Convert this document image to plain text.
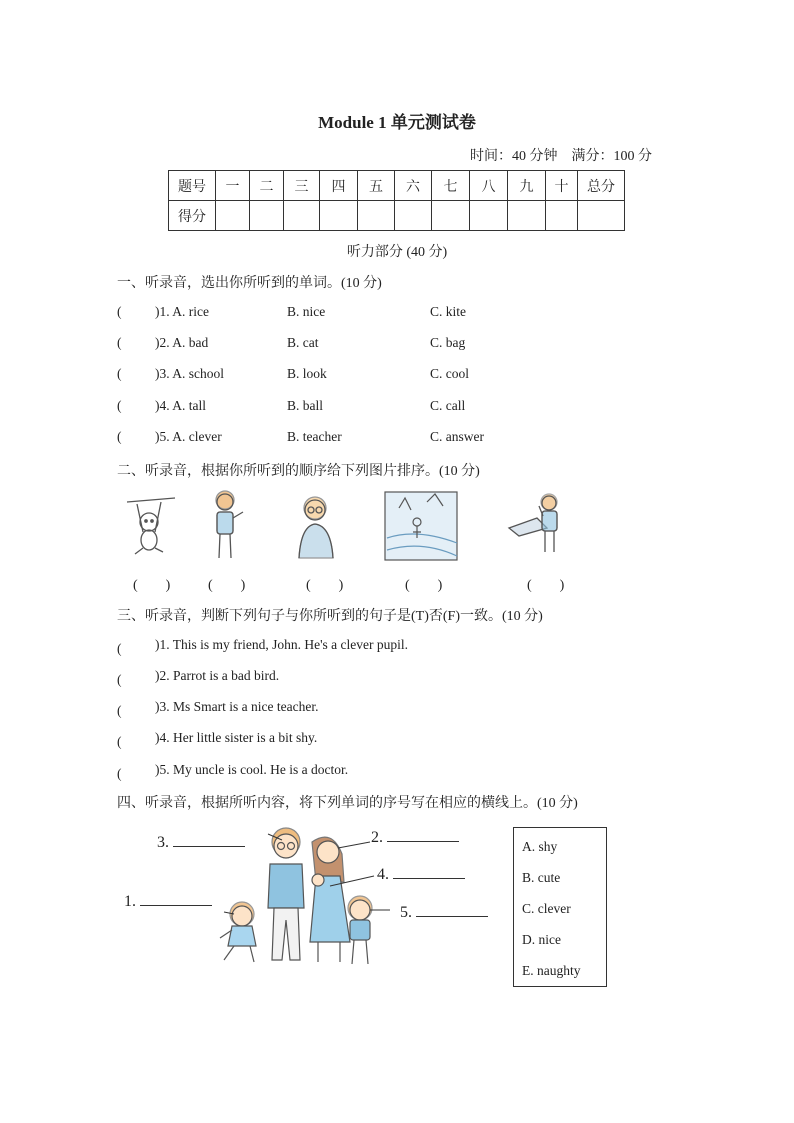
Module 1 单元测试卷
时间：40 分钟　满分：100 分
题号	一	二	三	四	五	六	七	八	九	十	总分
得分											
听力部分 (40 分)
一、听录音，选出你所听到的单词。(10 分)
( )1. A. rice	B. nice	C. kite
( )2. A. bad	B. cat	C. bag
( )3. A. school	B. look	C. cool
( )4. A. tall	B. ball	C. call
( )5. A. clever	B. teacher	C. answer
二、听录音，根据你所听到的顺序给下列图片排序。(10 分)
(　　)	(　　)	(　　)	(　　)	(　　)
三、听录音，判断下列句子与你所听到的句子是(T)否(F)一致。(10 分)
(　　 )1. This is my friend, John. He's a clever pupil.
(　　 )2. Parrot is a bad bird.
(　　 )3. Ms Smart is a nice teacher.
(　　 )4. Her little sister is a bit shy.
(　　 )5. My uncle is cool. He is a doctor.
四、听录音，根据所听内容，将下列单词的序号写在相应的横线上。(10 分)
3.	2.
4.
1.
5.
A. shy
B. cute
C. clever
D. nice
E. naughty
